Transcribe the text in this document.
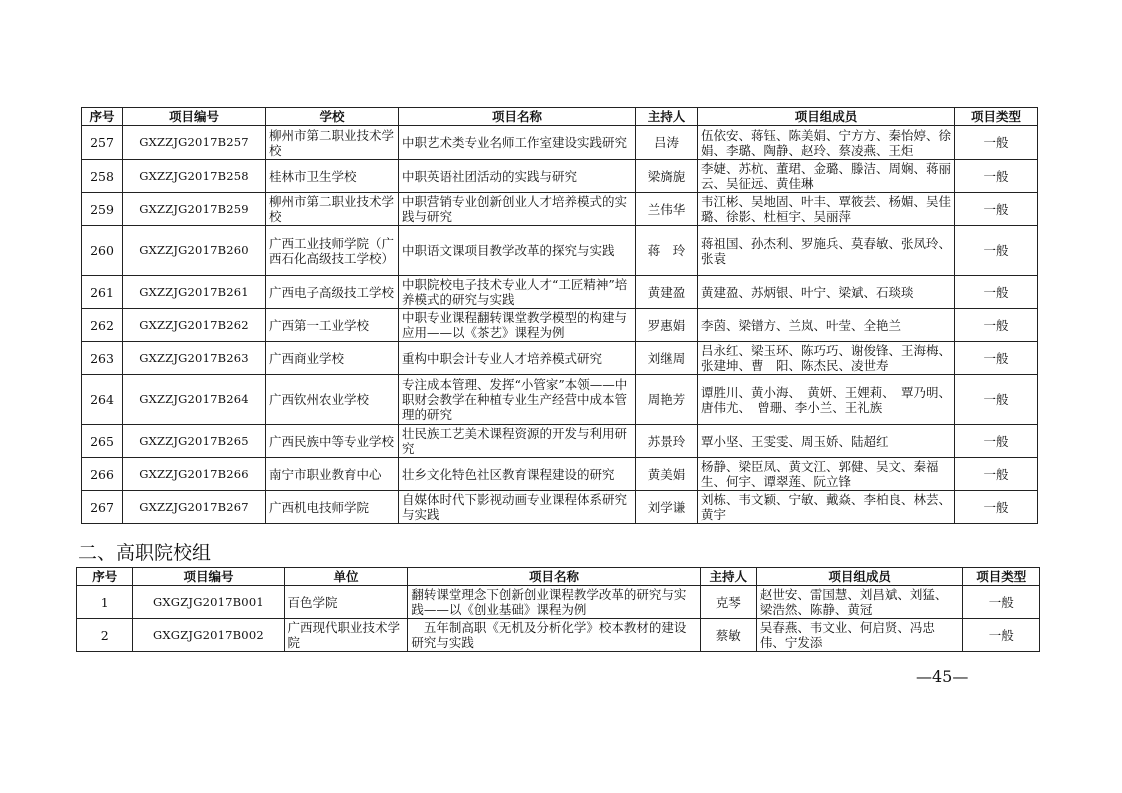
序号	项目编号	学校	项目名称	主持人	项目组成员	项目类型
257	GXZZJG2017B257	柳州市第二职业技术学校	中职艺术类专业名师工作室建设实践研究	吕涛	伍依安、蒋钰、陈美娟、宁方方、秦怡婷、徐娟、李璐、陶静、赵玲、蔡凌燕、王炬	一般
258	GXZZJG2017B258	桂林市卫生学校	中职英语社团活动的实践与研究	梁旖旎	李婕、苏杭、董珺、金璐、滕洁、周娴、蒋丽云、吴征远、黄佳琳	一般
259	GXZZJG2017B259	柳州市第二职业技术学校	中职营销专业创新创业人才培养模式的实践与研究	兰伟华	韦江彬、吴地固、叶丰、覃筱芸、杨媚、吴佳璐、徐影、杜桓宇、吴丽萍	一般
260	GXZZJG2017B260	广西工业技师学院（广西石化高级技工学校）	中职语文课项目教学改革的探究与实践	蒋　玲	蒋祖国、孙杰利、罗施兵、莫春敏、张凤玲、张袁	一般
261	GXZZJG2017B261	广西电子高级技工学校	中职院校电子技术专业人才“工匠精神”培养模式的研究与实践	黄建盈	黄建盈、苏炳银、叶宁、梁斌、石琰琰	一般
262	GXZZJG2017B262	广西第一工业学校	中职专业课程翻转课堂教学模型的构建与应用——以《茶艺》课程为例	罗惠娟	李茵、梁镨方、兰岚、叶莹、全艳兰	一般
263	GXZZJG2017B263	广西商业学校	重构中职会计专业人才培养模式研究	刘继周	吕永红、梁玉环、陈巧巧、谢俊锋、王海梅、张建坤、曹　阳、陈杰民、凌世寿	一般
264	GXZZJG2017B264	广西钦州农业学校	专注成本管理、发挥“小管家”本领——中职财会教学在种植专业生产经营中成本管理的研究	周艳芳	谭胜川、黄小海、　黄妍、王娌莉、　覃乃明、唐伟尤、　曾珊、李小兰、王礼族	一般
265	GXZZJG2017B265	广西民族中等专业学校	壮民族工艺美术课程资源的开发与利用研究	苏景玲	覃小坚、王雯雯、周玉娇、陆超红	一般
266	GXZZJG2017B266	南宁市职业教育中心	壮乡文化特色社区教育课程建设的研究	黄美娟	杨静、梁臣凤、黄文江、郭健、吴文、秦福生、何宇、谭翠莲、阮立锋	一般
267	GXZZJG2017B267	广西机电技师学院	自媒体时代下影视动画专业课程体系研究与实践	刘学谦	刘栋、韦文颖、宁敏、戴焱、李柏良、林芸、黄宇	一般
二、高职院校组
序号	项目编号	单位	项目名称	主持人	项目组成员	项目类型
1	GXGZJG2017B001	百色学院	翻转课堂理念下创新创业课程教学改革的研究与实践——以《创业基础》课程为例	克琴	赵世安、雷国慧、刘昌斌、刘猛、梁浩然、陈静、黄冠	一般
2	GXGZJG2017B002	广西现代职业技术学院	　五年制高职《无机及分析化学》校本教材的建设研究与实践	蔡敏	吴春燕、韦文业、何启贤、冯忠伟、宁发添	一般
—45—
